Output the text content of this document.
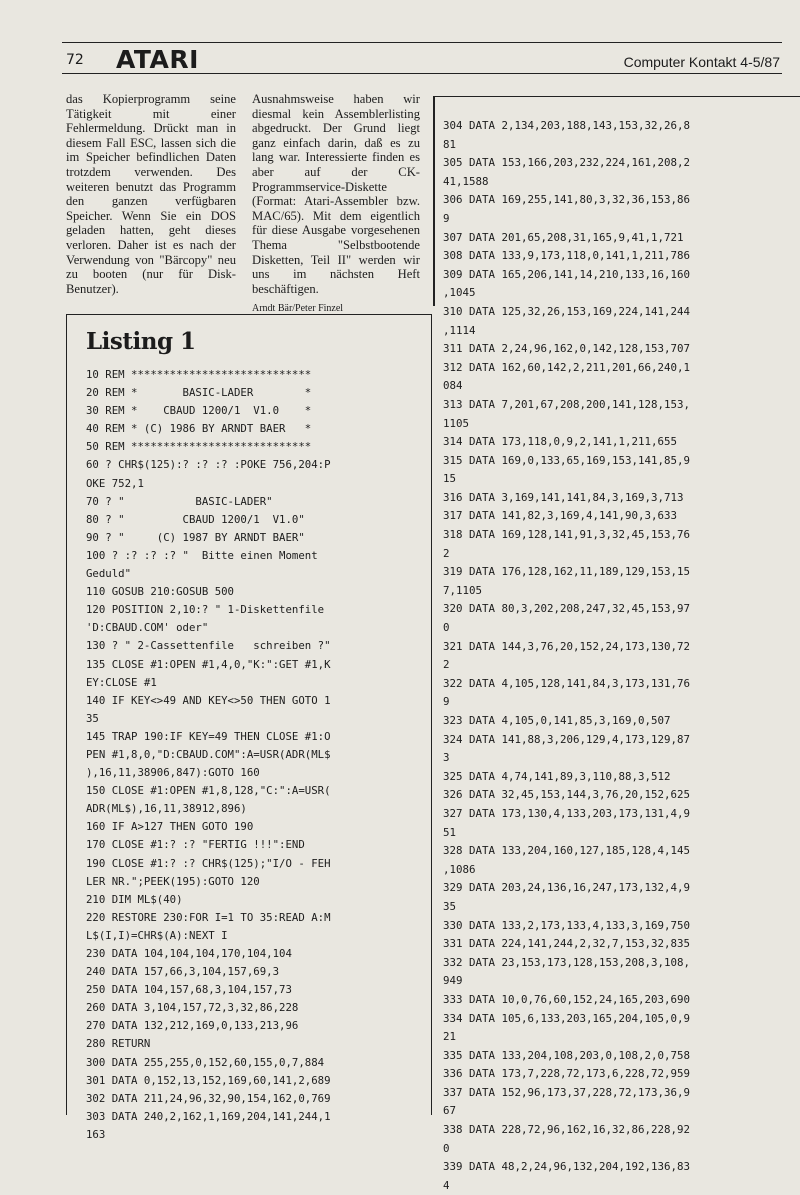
72 ATARI	Computer Kontakt 4-5/87
das Kopierprogramm seine Tätigkeit mit einer Fehlermeldung. Drückt man in diesem Fall ESC, lassen sich die im Speicher befindlichen Daten trotzdem verwenden. Des weiteren benutzt das Programm den ganzen verfügbaren Speicher. Wenn Sie ein DOS geladen hatten, geht dieses verloren. Daher ist es nach der Verwendung von "Bärcopy" neu zu booten (nur für Disk-Benutzer).
Ausnahmsweise haben wir diesmal kein Assemblerlisting abgedruckt. Der Grund liegt ganz einfach darin, daß es zu lang war. Interessierte finden es aber auf der CK-Programmservice-Diskette (Format: Atari-Assembler bzw. MAC/65). Mit dem eigentlich für diese Ausgabe vorgesehenen Thema "Selbstbootende Disketten, Teil II" werden wir uns im nächsten Heft beschäftigen.
Arndt Bär/Peter Finzel
Listing 1
10 REM ****************************
20 REM *       BASIC-LADER        *
30 REM *    CBAUD 1200/1  V1.0    *
40 REM * (C) 1986 BY ARNDT BAER   *
50 REM ****************************
60 ? CHR$(125):? :? :? :POKE 756,204:P
OKE 752,1
70 ? "           BASIC-LADER"
80 ? "         CBAUD 1200/1  V1.0"
90 ? "     (C) 1987 BY ARNDT BAER"
100 ? :? :? :? "  Bitte einen Moment
Geduld"
110 GOSUB 210:GOSUB 500
120 POSITION 2,10:? " 1-Diskettenfile
'D:CBAUD.COM' oder"
130 ? " 2-Cassettenfile   schreiben ?"
135 CLOSE #1:OPEN #1,4,0,"K:":GET #1,K
EY:CLOSE #1
140 IF KEY<>49 AND KEY<>50 THEN GOTO 1
35
145 TRAP 190:IF KEY=49 THEN CLOSE #1:O
PEN #1,8,0,"D:CBAUD.COM":A=USR(ADR(ML$
),16,11,38906,847):GOTO 160
150 CLOSE #1:OPEN #1,8,128,"C:":A=USR(
ADR(ML$),16,11,38912,896)
160 IF A>127 THEN GOTO 190
170 CLOSE #1:? :? "FERTIG !!!":END
190 CLOSE #1:? :? CHR$(125);"I/O - FEH
LER NR.";PEEK(195):GOTO 120
210 DIM ML$(40)
220 RESTORE 230:FOR I=1 TO 35:READ A:M
L$(I,I)=CHR$(A):NEXT I
230 DATA 104,104,104,170,104,104
240 DATA 157,66,3,104,157,69,3
250 DATA 104,157,68,3,104,157,73
260 DATA 3,104,157,72,3,32,86,228
270 DATA 132,212,169,0,133,213,96
280 RETURN
300 DATA 255,255,0,152,60,155,0,7,884
301 DATA 0,152,13,152,169,60,141,2,689
302 DATA 211,24,96,32,90,154,162,0,769
303 DATA 240,2,162,1,169,204,141,244,1
163
304 DATA 2,134,203,188,143,153,32,26,8
81
305 DATA 153,166,203,232,224,161,208,2
41,1588
306 DATA 169,255,141,80,3,32,36,153,86
9
307 DATA 201,65,208,31,165,9,41,1,721
308 DATA 133,9,173,118,0,141,1,211,786
309 DATA 165,206,141,14,210,133,16,160
,1045
310 DATA 125,32,26,153,169,224,141,244
,1114
311 DATA 2,24,96,162,0,142,128,153,707
312 DATA 162,60,142,2,211,201,66,240,1
084
313 DATA 7,201,67,208,200,141,128,153,
1105
314 DATA 173,118,0,9,2,141,1,211,655
315 DATA 169,0,133,65,169,153,141,85,9
15
316 DATA 3,169,141,141,84,3,169,3,713
317 DATA 141,82,3,169,4,141,90,3,633
318 DATA 169,128,141,91,3,32,45,153,76
2
319 DATA 176,128,162,11,189,129,153,15
7,1105
320 DATA 80,3,202,208,247,32,45,153,97
0
321 DATA 144,3,76,20,152,24,173,130,72
2
322 DATA 4,105,128,141,84,3,173,131,76
9
323 DATA 4,105,0,141,85,3,169,0,507
324 DATA 141,88,3,206,129,4,173,129,87
3
325 DATA 4,74,141,89,3,110,88,3,512
326 DATA 32,45,153,144,3,76,20,152,625
327 DATA 173,130,4,133,203,173,131,4,9
51
328 DATA 133,204,160,127,185,128,4,145
,1086
329 DATA 203,24,136,16,247,173,132,4,9
35
330 DATA 133,2,173,133,4,133,3,169,750
331 DATA 224,141,244,2,32,7,153,32,835
332 DATA 23,153,173,128,153,208,3,108,
949
333 DATA 10,0,76,60,152,24,165,203,690
334 DATA 105,6,133,203,165,204,105,0,9
21
335 DATA 133,204,108,203,0,108,2,0,758
336 DATA 173,7,228,72,173,6,228,72,959
337 DATA 152,96,173,37,228,72,173,36,9
67
338 DATA 228,72,96,162,16,32,86,228,92
0
339 DATA 48,2,24,96,132,204,192,136,83
4
